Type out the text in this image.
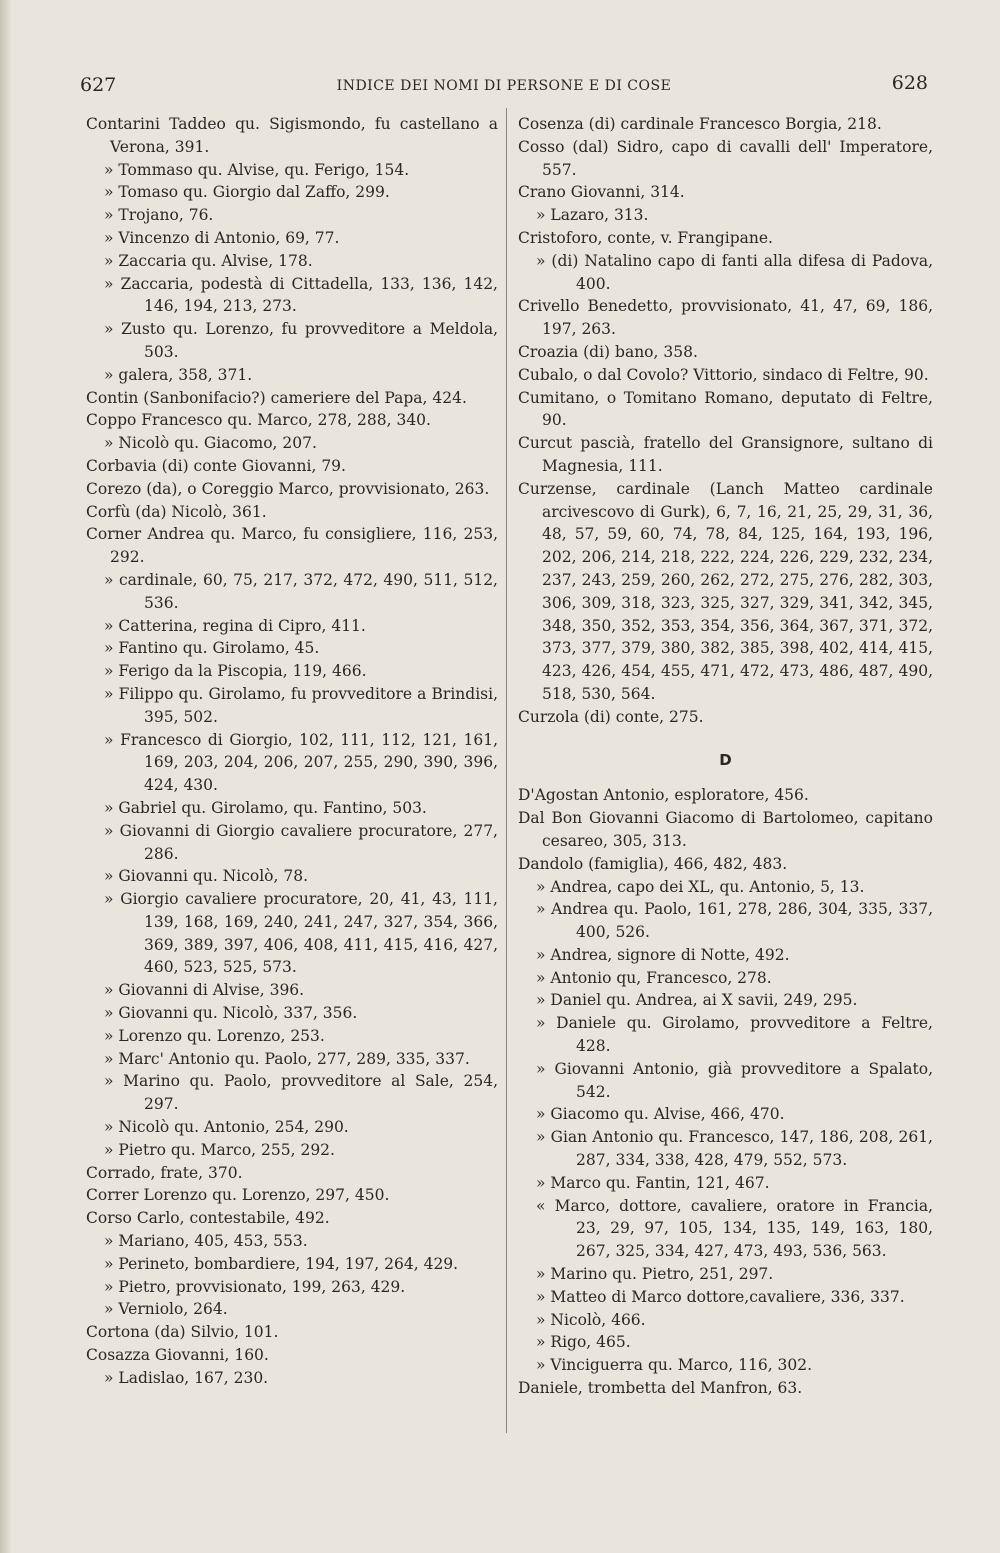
627	INDICE DEI NOMI DI PERSONE E DI COSE	628

Contarini Taddeo qu. Sigismondo, fu castellano a Verona, 391.

» Tommaso qu. Alvise, qu. Ferigo, 154.

» Tomaso qu. Giorgio dal Zaffo, 299.

» Trojano, 76.

» Vincenzo di Antonio, 69, 77.

» Zaccaria qu. Alvise, 178.

» Zaccaria, podestà di Cittadella, 133, 136, 142, 146, 194, 213, 273.

» Zusto qu. Lorenzo, fu provveditore a Meldola, 503.

» galera, 358, 371.

Contin (Sanbonifacio?) cameriere del Papa, 424.

Coppo Francesco qu. Marco, 278, 288, 340.

» Nicolò qu. Giacomo, 207.

Corbavia (di) conte Giovanni, 79.

Corezo (da), o Coreggio Marco, provvisionato, 263.

Corfù (da) Nicolò, 361.

Corner Andrea qu. Marco, fu consigliere, 116, 253, 292.

» cardinale, 60, 75, 217, 372, 472, 490, 511, 512, 536.

» Catterina, regina di Cipro, 411.

» Fantino qu. Girolamo, 45.

» Ferigo da la Piscopia, 119, 466.

» Filippo qu. Girolamo, fu provveditore a Brindisi, 395, 502.

» Francesco di Giorgio, 102, 111, 112, 121, 161, 169, 203, 204, 206, 207, 255, 290, 390, 396, 424, 430.

» Gabriel qu. Girolamo, qu. Fantino, 503.

» Giovanni di Giorgio cavaliere procuratore, 277, 286.

» Giovanni qu. Nicolò, 78.

» Giorgio cavaliere procuratore, 20, 41, 43, 111, 139, 168, 169, 240, 241, 247, 327, 354, 366, 369, 389, 397, 406, 408, 411, 415, 416, 427, 460, 523, 525, 573.

» Giovanni di Alvise, 396.

» Giovanni qu. Nicolò, 337, 356.

» Lorenzo qu. Lorenzo, 253.

» Marc' Antonio qu. Paolo, 277, 289, 335, 337.

» Marino qu. Paolo, provveditore al Sale, 254, 297.

» Nicolò qu. Antonio, 254, 290.

» Pietro qu. Marco, 255, 292.

Corrado, frate, 370.

Correr Lorenzo qu. Lorenzo, 297, 450.

Corso Carlo, contestabile, 492.

» Mariano, 405, 453, 553.

» Perineto, bombardiere, 194, 197, 264, 429.

» Pietro, provvisionato, 199, 263, 429.

» Verniolo, 264.

Cortona (da) Silvio, 101.

Cosazza Giovanni, 160.

» Ladislao, 167, 230.

Cosenza (di) cardinale Francesco Borgia, 218.

Cosso (dal) Sidro, capo di cavalli dell' Imperatore, 557.

Crano Giovanni, 314.

» Lazaro, 313.

Cristoforo, conte, v. Frangipane.

» (di) Natalino capo di fanti alla difesa di Padova, 400.

Crivello Benedetto, provvisionato, 41, 47, 69, 186, 197, 263.

Croazia (di) bano, 358.

Cubalo, o dal Covolo? Vittorio, sindaco di Feltre, 90.

Cumitano, o Tomitano Romano, deputato di Feltre, 90.

Curcut pascià, fratello del Gransignore, sultano di Magnesia, 111.

Curzense, cardinale (Lanch Matteo cardinale arcivescovo di Gurk), 6, 7, 16, 21, 25, 29, 31, 36, 48, 57, 59, 60, 74, 78, 84, 125, 164, 193, 196, 202, 206, 214, 218, 222, 224, 226, 229, 232, 234, 237, 243, 259, 260, 262, 272, 275, 276, 282, 303, 306, 309, 318, 323, 325, 327, 329, 341, 342, 345, 348, 350, 352, 353, 354, 356, 364, 367, 371, 372, 373, 377, 379, 380, 382, 385, 398, 402, 414, 415, 423, 426, 454, 455, 471, 472, 473, 486, 487, 490, 518, 530, 564.

Curzola (di) conte, 275.

D

D'Agostan Antonio, esploratore, 456.

Dal Bon Giovanni Giacomo di Bartolomeo, capitano cesareo, 305, 313.

Dandolo (famiglia), 466, 482, 483.

» Andrea, capo dei XL, qu. Antonio, 5, 13.

» Andrea qu. Paolo, 161, 278, 286, 304, 335, 337, 400, 526.

» Andrea, signore di Notte, 492.

» Antonio qu, Francesco, 278.

» Daniel qu. Andrea, ai X savii, 249, 295.

» Daniele qu. Girolamo, provveditore a Feltre, 428.

» Giovanni Antonio, già provveditore a Spalato, 542.

» Giacomo qu. Alvise, 466, 470.

» Gian Antonio qu. Francesco, 147, 186, 208, 261, 287, 334, 338, 428, 479, 552, 573.

» Marco qu. Fantin, 121, 467.

« Marco, dottore, cavaliere, oratore in Francia, 23, 29, 97, 105, 134, 135, 149, 163, 180, 267, 325, 334, 427, 473, 493, 536, 563.

» Marino qu. Pietro, 251, 297.

» Matteo di Marco dottore,cavaliere, 336, 337.

» Nicolò, 466.

» Rigo, 465.

» Vinciguerra qu. Marco, 116, 302.

Daniele, trombetta del Manfron, 63.
